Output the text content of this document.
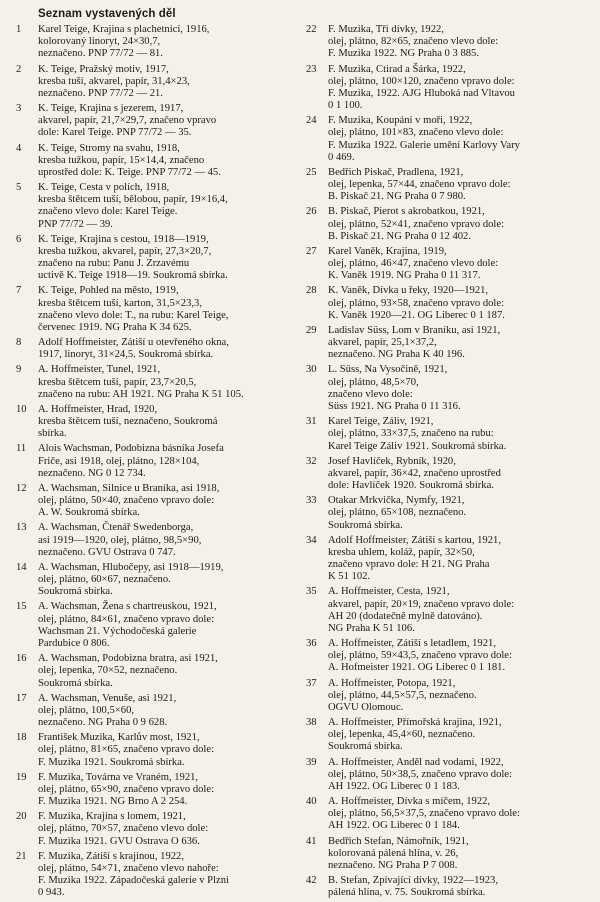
Seznam vystavených děl
1	Karel Teige, Krajina s plachetnicí, 1916,
kolorovaný linoryt, 24×30,7,
neznačeno. PNP 77/72 — 81.
2	K. Teige, Pražský motiv, 1917,
kresba tuší, akvarel, papír, 31,4×23,
neznačeno. PNP 77/72 — 21.
3	K. Teige, Krajina s jezerem, 1917,
akvarel, papír, 21,7×29,7, značeno vpravo
dole: Karel Teige. PNP 77/72 — 35.
4	K. Teige, Stromy na svahu, 1918,
kresba tužkou, papír, 15×14,4, značeno
uprostřed dole: K. Teige. PNP 77/72 — 45.
5	K. Teige, Cesta v polích, 1918,
kresba štětcem tuší, bělobou, papír, 19×16,4,
značeno vlevo dole: Karel Teige.
PNP 77/72 — 39.
6	K. Teige, Krajina s cestou, 1918—1919,
kresba tužkou, akvarel, papír, 27,3×20,7,
značeno na rubu: Panu J. Zrzavému
uctivě K. Teige 1918—19. Soukromá sbírka.
7	K. Teige, Pohled na město, 1919,
kresba štětcem tuší, karton, 31,5×23,3,
značeno vlevo dole: T., na rubu: Karel Teige,
červenec 1919. NG Praha K 34 625.
8	Adolf Hoffmeister, Zátiší u otevřeného okna,
1917, linoryt, 31×24,5. Soukromá sbírka.
9	A. Hoffmeister, Tunel, 1921,
kresba štětcem tuší, papír, 23,7×20,5,
značeno na rubu: AH 1921. NG Praha K 51 105.
10	A. Hoffmeister, Hrad, 1920,
kresba štětcem tuší, neznačeno, Soukromá
sbírka.
11	Alois Wachsman, Podobizna básníka Josefa
Friče, asi 1918, olej, plátno, 128×104,
neznačeno. NG 0 12 734.
12	A. Wachsman, Silnice u Braníka, asi 1918,
olej, plátno, 50×40, značeno vpravo dole:
A. W. Soukromá sbírka.
13	A. Wachsman, Čtenář Swedenborga,
asi 1919—1920, olej, plátno, 98,5×90,
neznačeno. GVU Ostrava 0 747.
14	A. Wachsman, Hlubočepy, asi 1918—1919,
olej, plátno, 60×67, neznačeno.
Soukromá sbírka.
15	A. Wachsman, Žena s chartreuskou, 1921,
olej, plátno, 84×61, značeno vpravo dole:
Wachsman 21. Východočeská galerie
Pardubice 0 806.
16	A. Wachsman, Podobizna bratra, asi 1921,
olej, lepenka, 70×52, neznačeno.
Soukromá sbírka.
17	A. Wachsman, Venuše, asi 1921,
olej, plátno, 100,5×60,
neznačeno. NG Praha 0 9 628.
18	František Muzika, Karlův most, 1921,
olej, plátno, 81×65, značeno vpravo dole:
F. Muzika 1921. Soukromá sbírka.
19	F. Muzika, Továrna ve Vraném, 1921,
olej, plátno, 65×90, značeno vpravo dole:
F. Muzika 1921. NG Brno A 2 254.
20	F. Muzika, Krajina s lomem, 1921,
olej, plátno, 70×57, značeno vlevo dole:
F. Muzika 1921. GVU Ostrava O 636.
21	F. Muzika, Zátiší s krajinou, 1922,
olej, plátno, 54×71, značeno vlevo nahoře:
F. Muzika 1922. Západočeská galerie v Plzni
0 943.
22	F. Muzika, Tři dívky, 1922,
olej, plátno, 82×65, značeno vlevo dole:
F. Muzika 1922. NG Praha 0 3 885.
23	F. Muzika, Ctirad a Šárka, 1922,
olej, plátno, 100×120, značeno vpravo dole:
F. Muzika, 1922. AJG Hluboká nad Vltavou
0 1 100.
24	F. Muzika, Koupání v moři, 1922,
olej, plátno, 101×83, značeno vlevo dole:
F. Muzika 1922. Galerie umění Karlovy Vary
0 469.
25	Bedřich Piskač, Pradlena, 1921,
olej, lepenka, 57×44, značeno vpravo dole:
B. Piskač 21. NG Praha 0 7 980.
26	B. Piskač, Pierot s akrobatkou, 1921,
olej, plátno, 52×41, značeno vpravo dole:
B. Piskač 21. NG Praha 0 12 402.
27	Karel Vaněk, Krajina, 1919,
olej, plátno, 46×47, značeno vlevo dole:
K. Vaněk 1919. NG Praha 0 11 317.
28	K. Vaněk, Dívka u řeky, 1920—1921,
olej, plátno, 93×58, značeno vpravo dole:
K. Vaněk 1920—21. OG Liberec 0 1 187.
29	Ladislav Süss, Lom v Braníku, asi 1921,
akvarel, papír, 25,1×37,2,
neznačeno. NG Praha K 40 196.
30	L. Süss, Na Vysočině, 1921,
olej, plátno, 48,5×70,
značeno vlevo dole:
Süss 1921. NG Praha 0 11 316.
31	Karel Teige, Záliv, 1921,
olej, plátno, 33×37,5, značeno na rubu:
Karel Teige Záliv 1921. Soukromá sbírka.
32	Josef Havlíček, Rybník, 1920,
akvarel, papír, 36×42, značeno uprostřed
dole: Havlíček 1920. Soukromá sbírka.
33	Otakar Mrkvička, Nymfy, 1921,
olej, plátno, 65×108, neznačeno.
Soukromá sbírka.
34	Adolf Hoffmeister, Zátiší s kartou, 1921,
kresba uhlem, koláž, papír, 32×50,
značeno vpravo dole: H 21. NG Praha
K 51 102.
35	A. Hoffmeister, Cesta, 1921,
akvarel, papír, 20×19, značeno vpravo dole:
AH 20 (dodatečně mylně datováno).
NG Praha K 51 106.
36	A. Hoffmeister, Zátiší s letadlem, 1921,
olej, plátno, 59×43,5, značeno vpravo dole:
A. Hofmeister 1921. OG Liberec 0 1 181.
37	A. Hoffmeister, Potopa, 1921,
olej, plátno, 44,5×57,5, neznačeno.
OGVU Olomouc.
38	A. Hoffmeister, Přímořská krajina, 1921,
olej, lepenka, 45,4×60, neznačeno.
Soukromá sbírka.
39	A. Hoffmeister, Anděl nad vodami, 1922,
olej, plátno, 50×38,5, značeno vpravo dole:
AH 1922. OG Liberec 0 1 183.
40	A. Hoffmeister, Dívka s míčem, 1922,
olej, plátno, 56,5×37,5, značeno vpravo dole:
AH 1922. OG Liberec 0 1 184.
41	Bedřich Stefan, Námořník, 1921,
kolorovaná pálená hlína, v. 26,
neznačeno. NG Praha P 7 008.
42	B. Stefan, Zpívající dívky, 1922—1923,
pálená hlína, v. 75. Soukromá sbírka.
